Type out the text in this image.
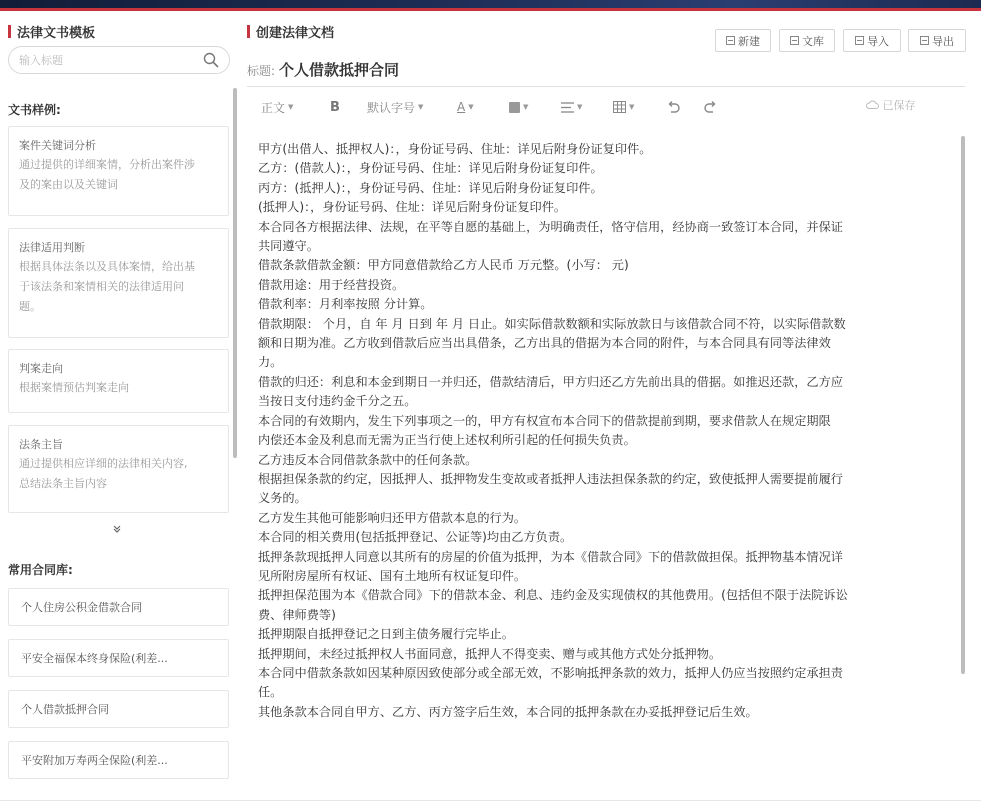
法律文书模板
输入标题
文书样例:
案件关键词分析
通过提供的详细案情，分析出案件涉
及的案由以及关键词
法律适用判断
根据具体法条以及具体案情，给出基
于该法条和案情相关的法律适用问
题。
判案走向
根据案情预估判案走向
法条主旨
通过提供相应详细的法律相关内容,
总结法条主旨内容
常用合同库:
个人住房公积金借款合同
平安全福保本终身保险(利差...
个人借款抵押合同
平安附加万寿两全保险(利差...
创建法律文档	新建	文库	导入	导出
标题: 个人借款抵押合同
正文 ▼	B 默认字号 ▼	A ▼	▼	▼	▼	已保存

甲方(出借人、抵押权人)：，身份证号码、住址：详见后附身份证复印件。

乙方：(借款人)：，身份证号码、住址：详见后附身份证复印件。

丙方：(抵押人)：，身份证号码、住址：详见后附身份证复印件。

(抵押人)：，身份证号码、住址：详见后附身份证复印件。

本合同各方根据法律、法规，在平等自愿的基础上，为明确责任，恪守信用，经协商一致签订本合同，并保证

共同遵守。

借款条款借款金额：甲方同意借款给乙方人民币 万元整。(小写： 元)

借款用途：用于经营投资。

借款利率：月利率按照 分计算。

借款期限： 个月，自 年 月 日到 年 月 日止。如实际借款数额和实际放款日与该借款合同不符，以实际借款数

额和日期为准。乙方收到借款后应当出具借条，乙方出具的借据为本合同的附件，与本合同具有同等法律效

力。

借款的归还：利息和本金到期日一并归还，借款结清后，甲方归还乙方先前出具的借据。如推迟还款，乙方应

当按日支付违约金千分之五。

本合同的有效期内，发生下列事项之一的，甲方有权宣布本合同下的借款提前到期，要求借款人在规定期限

内偿还本金及利息而无需为正当行使上述权利所引起的任何损失负责。

乙方违反本合同借款条款中的任何条款。

根据担保条款的约定，因抵押人、抵押物发生变故或者抵押人违法担保条款的约定，致使抵押人需要提前履行

义务的。

乙方发生其他可能影响归还甲方借款本息的行为。

本合同的相关费用(包括抵押登记、公证等)均由乙方负责。

抵押条款现抵押人同意以其所有的房屋的价值为抵押，为本《借款合同》下的借款做担保。抵押物基本情况详

见所附房屋所有权证、国有土地所有权证复印件。

抵押担保范围为本《借款合同》下的借款本金、利息、违约金及实现债权的其他费用。(包括但不限于法院诉讼

费、律师费等)

抵押期限自抵押登记之日到主债务履行完毕止。

抵押期间，未经过抵押权人书面同意，抵押人不得变卖、赠与或其他方式处分抵押物。

本合同中借款条款如因某种原因致使部分或全部无效，不影响抵押条款的效力，抵押人仍应当按照约定承担责

任。

其他条款本合同自甲方、乙方、丙方签字后生效，本合同的抵押条款在办妥抵押登记后生效。
